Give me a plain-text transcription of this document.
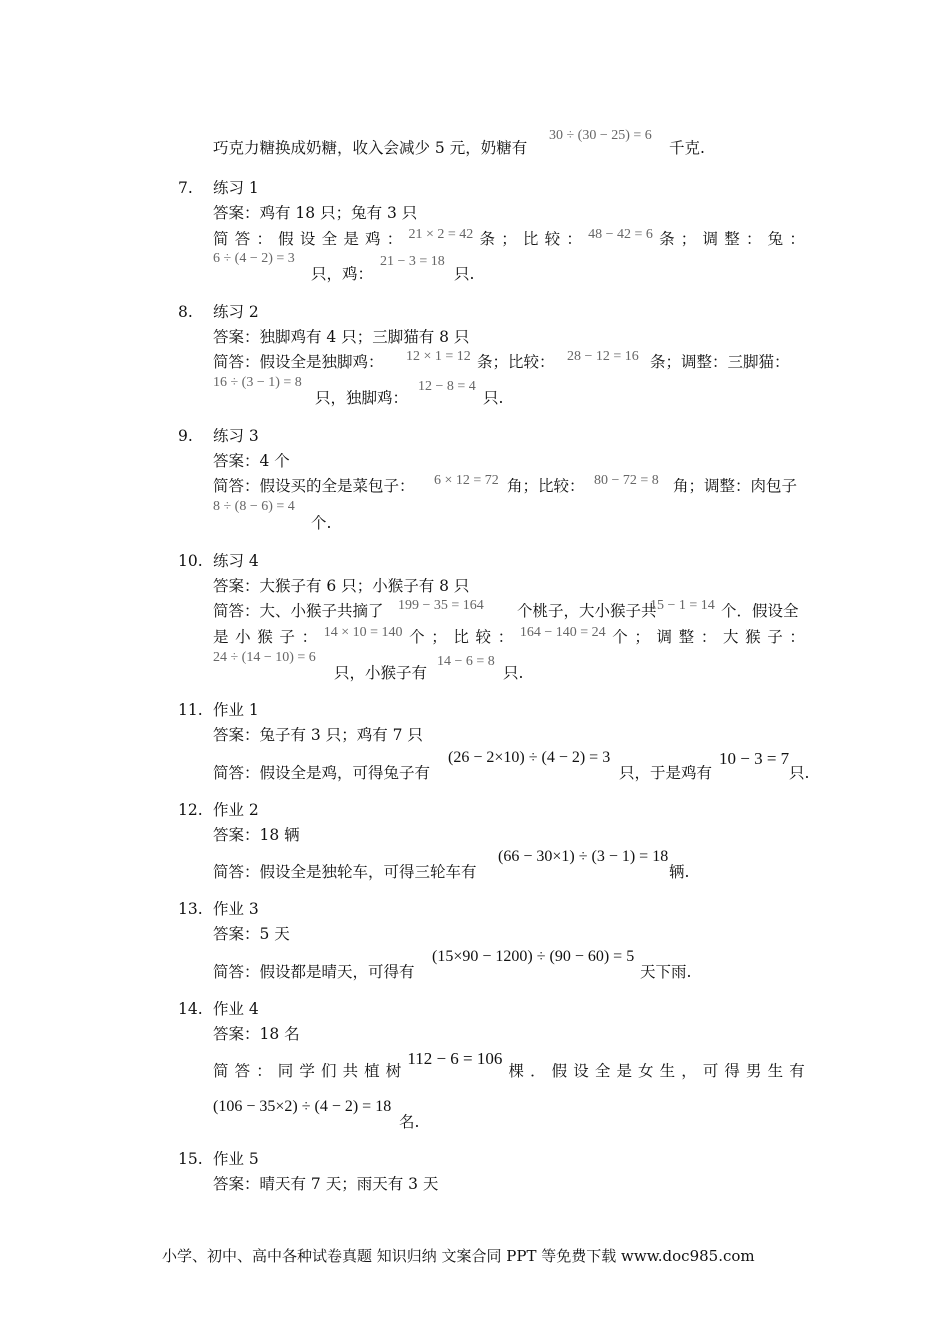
巧克力糖换成奶糖，收入会减少 5 元，奶糖有
30 ÷ (30 − 25) = 6
千克.
7. 练习 1
答案：鸡有 18 只；兔有 3 只
简 答 ： 假 设 全 是 鸡 ： 21 × 2 = 42 条 ； 比 较 ： 48 − 42 = 6 条 ； 调 整 ： 兔 ：
6 ÷ (4 − 2) = 3
只，鸡：
21 − 3 = 18
只.
8. 练习 2
答案：独脚鸡有 4 只；三脚猫有 8 只
简答：假设全是独脚鸡： 12 × 1 = 12 条；比较： 28 − 12 = 16 条；调整：三脚猫：
16 ÷ (3 − 1) = 8
只，独脚鸡：
12 − 8 = 4
只.
9. 练习 3
答案：4 个
简答：假设买的全是菜包子： 6 × 12 = 72 角；比较： 80 − 72 = 8 角；调整：肉包子
8 ÷ (8 − 6) = 4
个.
10. 练习 4
答案：大猴子有 6 只；小猴子有 8 只
简答：大、小猴子共摘了 199 − 35 = 164 个桃子，大小猴子共
15 − 1 = 14 个．假设全
是 小 猴 子 ： 14 × 10 = 140 个 ； 比 较 ： 164 − 140 = 24 个 ； 调 整 ： 大 猴 子 ：
24 ÷ (14 − 10) = 6
只，小猴子有
14 − 6 = 8
只.
11. 作业 1
答案：兔子有 3 只；鸡有 7 只
简答：假设全是鸡，可得兔子有
(26 − 2×10) ÷ (4 − 2) = 3
只，于是鸡有
10 − 3 = 7
只.
12. 作业 2
答案：18 辆
简答：假设全是独轮车，可得三轮车有
(66 − 30×1) ÷ (3 − 1) = 18
辆.
13. 作业 3
答案：5 天
简答：假设都是晴天，可得有
(15×90 − 1200) ÷ (90 − 60) = 5
天下雨.
14. 作业 4
答案：18 名
简 答 ： 同 学 们 共 植 树
112 − 6 = 106
棵 ． 假 设 全 是 女 生 ， 可 得 男 生 有
(106 − 35×2) ÷ (4 − 2) = 18
名.
15. 作业 5
答案：晴天有 7 天；雨天有 3 天
小学、初中、高中各种试卷真题 知识归纳 文案合同 PPT 等免费下载 www.doc985.com
